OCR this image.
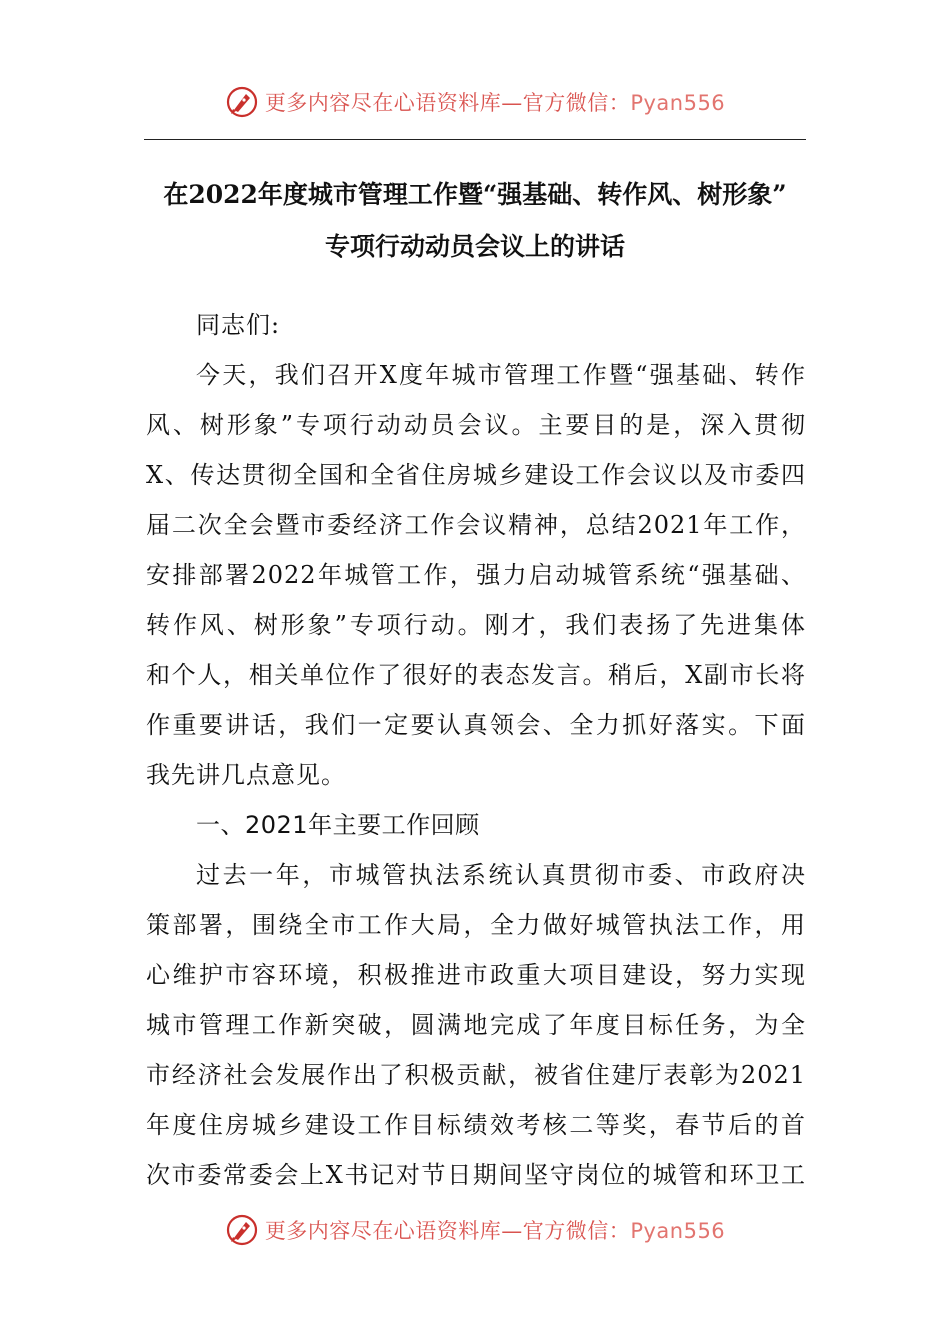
更多内容尽在心语资料库—官方微信：Pyan556
在2022年度城市管理工作暨“强基础、转作风、树形象”
专项行动动员会议上的讲话
同志们:
今天，我们召开X度年城市管理工作暨“强基础、转作
风、树形象”专项行动动员会议。主要目的是，深入贯彻
X、传达贯彻全国和全省住房城乡建设工作会议以及市委四
届二次全会暨市委经济工作会议精神，总结2021年工作，
安排部署2022年城管工作，强力启动城管系统“强基础、
转作风、树形象”专项行动。刚才，我们表扬了先进集体
和个人，相关单位作了很好的表态发言。稍后，X副市长将
作重要讲话，我们一定要认真领会、全力抓好落实。下面
我先讲几点意见。
一、2021年主要工作回顾
过去一年，市城管执法系统认真贯彻市委、市政府决
策部署，围绕全市工作大局，全力做好城管执法工作，用
心维护市容环境，积极推进市政重大项目建设，努力实现
城市管理工作新突破，圆满地完成了年度目标任务，为全
市经济社会发展作出了积极贡献，被省住建厅表彰为2021
年度住房城乡建设工作目标绩效考核二等奖，春节后的首
次市委常委会上X书记对节日期间坚守岗位的城管和环卫工
更多内容尽在心语资料库—官方微信：Pyan556
